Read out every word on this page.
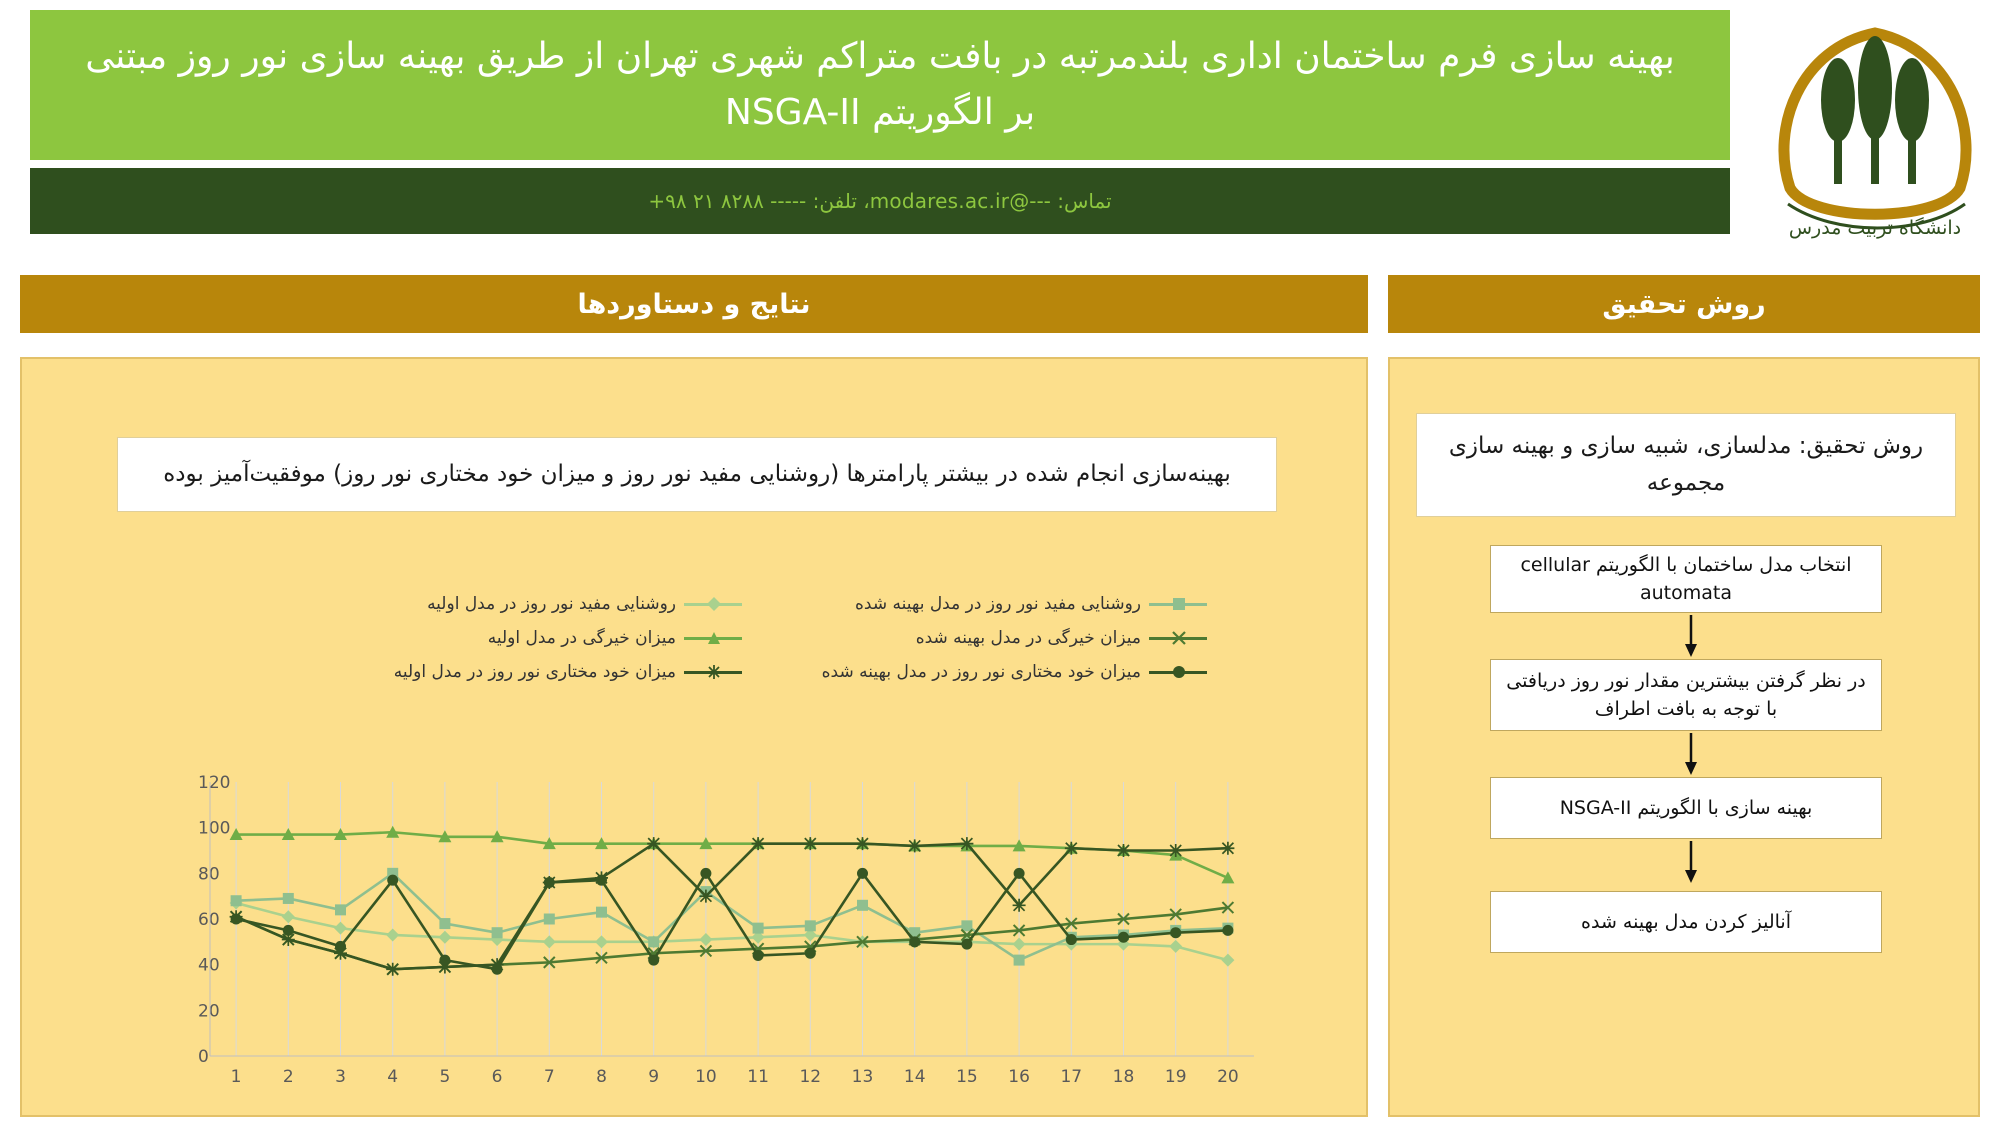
بهینه سازی فرم ساختمان اداری بلندمرتبه در بافت متراکم شهری تهران از طریق بهینه سازی نور روز مبتنی بر الگوریتم NSGA-II
تماس: ---@modares.ac.ir، تلفن: ----- ۸۲۸۸ ۲۱ ۹۸+
دانشگاه تربیت مدرس
نتایج و دستاوردها	روش تحقیق
بهینه‌سازی انجام شده در بیشتر پارامترها (روشنایی مفید نور روز و میزان خود مختاری نور روز) موفقیت‌آمیز بوده
روشنایی مفید نور روز در مدل بهینه شده
روشنایی مفید نور روز در مدل اولیه
میزان خیرگی در مدل بهینه شده
میزان خیرگی در مدل اولیه
میزان خود مختاری نور روز در مدل بهینه شده
میزان خود مختاری نور روز در مدل اولیه
0
20
40
60
80
100
120
1 2 3 4 5 6 7 8 9 10 11 12 13 14 15 16 17 18 19 20
روش تحقیق: مدلسازی، شبیه سازی و بهینه سازی مجموعه
انتخاب مدل ساختمان با الگوریتم cellular automata
در نظر گرفتن بیشترین مقدار نور روز دریافتی با توجه به بافت اطراف
بهینه سازی با الگوریتم NSGA-II
آنالیز کردن مدل بهینه شده
